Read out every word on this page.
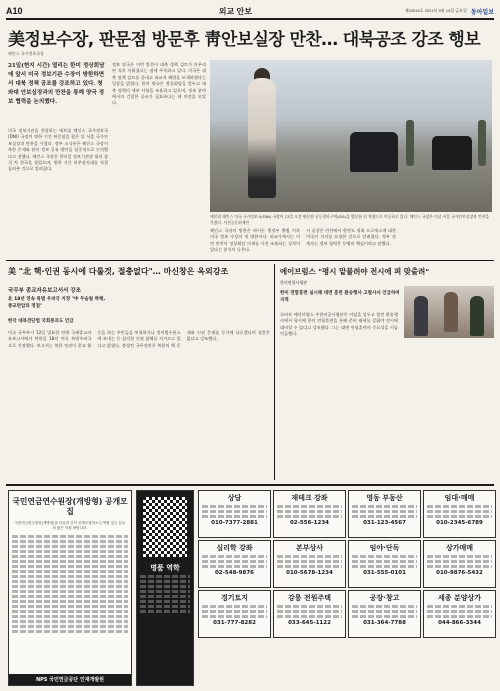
A10	외교 안보	제33515호 2021년 5월 14일 금요일 동아일보
美정보수장, 판문점 방문후 靑안보실장 만찬… 대북공조 강조 행보
헤인스 국가정보국장
21일(현지 시간) 열리는 한미 정상회담에 앞서 미국 정보기관 수장이 방한하면서 대북 정책 공조를 강조하고 있다. 청와대 안보실장과의 만찬을 통해 양국 정보 협력을 논의했다.
미국 정보기관을 총괄하는 애브릴 헤인스 국가정보국(DNI) 국장이 방한 기간 판문점을 찾은 뒤 서훈 국가안보실장과 만찬을 가졌다. 정부 소식통은 헤인스 국장이 북한 문제와 한미 정보 공유 방안을 집중적으로 논의했다고 전했다. 헤인스 국장은 한미일 정보기관장 회의 참석 차 한국을 찾았으며, 방한 기간 비무장지대를 직접 둘러본 것으로 알려졌다.
정보 당국은 이번 방문이 대북 정책 검토가 마무리된 직후 이뤄졌다는 점에 주목하고 있다. 미국은 대북 정책 검토를 끝내고 외교적 해법을 모색하겠다는 입장을 밝혔다. 한미 양국은 정상회담을 앞두고 대북 정책의 세부 사항을 조율하고 있으며, 정보 분야에서의 긴밀한 공조가 필요하다는 데 의견을 모았다.
애브릴 헤인스 미국 국가정보국(DNI) 국장이 13일 오전 판문점 공동경비구역(JSA)을 방문한 뒤 차량으로 이동하고 있다. 헤인스 국장은 이날 서훈 국가안보실장과 만찬을 가졌다. 사진공동취재단
헤인스 국장의 방한은 바이든 행정부 출범 이후 미국 정보 수장의 첫 방한이다. 외교가에서는 이번 만찬이 정상회담 의제를 사전 조율하는 성격이 있다는 분석이 나온다.
서 실장은 만찬에서 한반도 평화 프로세스에 대한 미국의 지지를 요청한 것으로 알려졌다. 정부 관계자는 정보 협력은 동맹의 핵심이라고 말했다.
美 "北 핵·인권 동시에 다룰것, 절충없다"… 마신창은 옥외강조
국무부 종교자유보고서서 강조
北 18년 연속 특별 우려국 지정 "中 무슬림 박해, 종교탄압의 정점"
한국 대북전단법 국회통과도 언급
미국 국무부가 12일 발표한 연례 국제종교자유보고서에서 북한을 18년 연속 특별우려국으로 지정했다. 보고서는 북한 정권이 종교 활동을 하는 주민들을 처형하거나 정치범수용소에 보내는 등 심각한 인권 침해를 저지르고 있다고 밝혔다. 블링컨 국무장관은 북한의 핵 문제와 인권 문제를 동시에 다루겠다며 절충은 없다고 강조했다.
에이브럼스 "평시 맡물려야 전시에 펴 맞출려"
한미연합사령관
한미 연합훈련 실시해 대면 훈련 환송행사 고별사서 언급하며 지적
로버트 에이브럼스 주한미군사령관은 이임을 앞두고 열린 환송행사에서 평시에 한미 연합훈련을 통해 준비 태세를 갖춰야 전시에 대비할 수 있다고 강조했다. 그는 대면 연합훈련의 중요성을 거듭 언급했다.
국민연금연수원장(개방형) 공개모집
국민연금연수원장(개방형)을 다음과 같이 공개모집하오니 역량 있는 분들의 많은 지원 바랍니다.
NPS 국민연금공단 인재개발원
명품 역학
상담
010-7377-2881
재테크 강좌
02-556-1234
영동 부동산
031-123-4567
임대·매매
010-2345-6789
심리학 강좌
02-548-9876
본부상사
010-5678-1234
임야·단독
031-555-0101
상가매매
010-9876-5432
경기토지
031-777-8282
강릉 전원주택
033-645-1122
공장·창고
031-364-7788
세종 분양상가
044-866-3344
